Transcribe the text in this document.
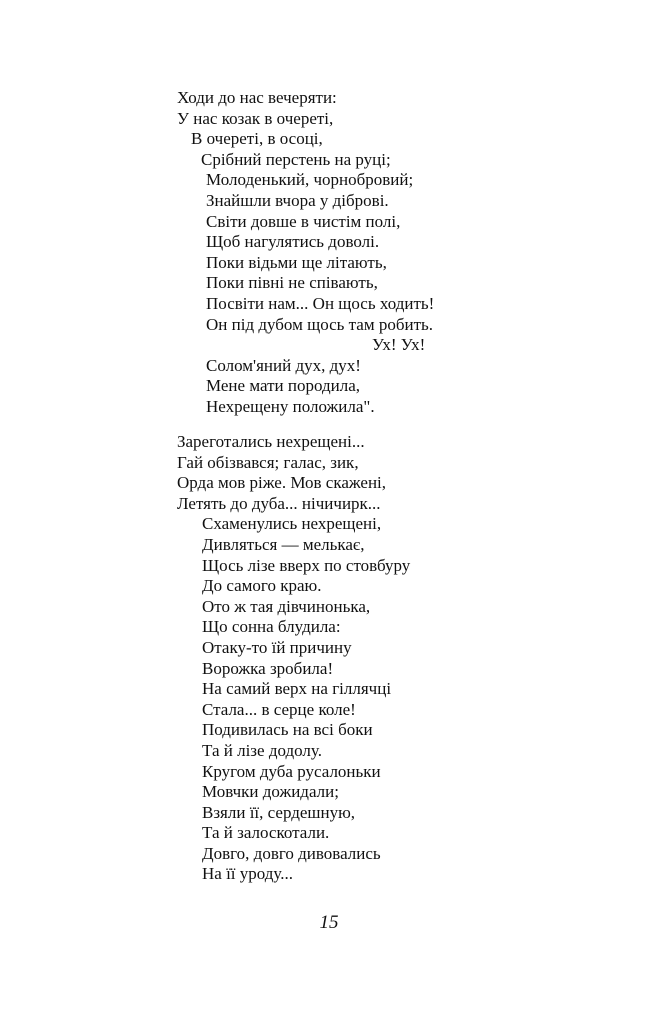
Ходи до нас вечеряти:
У нас козак в очереті,
В очереті, в осоці,
Срібний перстень на руці;
Молоденький, чорнобровий;
Знайшли вчора у діброві.
Світи довше в чистім полі,
Щоб нагулятись доволі.
Поки відьми ще літають,
Поки півні не співають,
Посвіти нам... Он щось ходить!
Он під дубом щось там робить.
Ух! Ух!
Солом'яний дух, дух!
Мене мати породила,
Нехрещену положила".
Зареготались нехрещені...
Гай обізвався; галас, зик,
Орда мов ріже. Мов скажені,
Летять до дуба... нічичирк...
Схаменулись нехрещені,
Дивляться — мелькає,
Щось лізе вверх по стовбуру
До самого краю.
Ото ж тая дівчинонька,
Що сонна блудила:
Отаку-то їй причину
Ворожка зробила!
На самий верх на гіллячці
Стала... в серце коле!
Подивилась на всі боки
Та й лізе додолу.
Кругом дуба русалоньки
Мовчки дожидали;
Взяли її, сердешную,
Та й залоскотали.
Довго, довго дивовались
На її уроду...
15
